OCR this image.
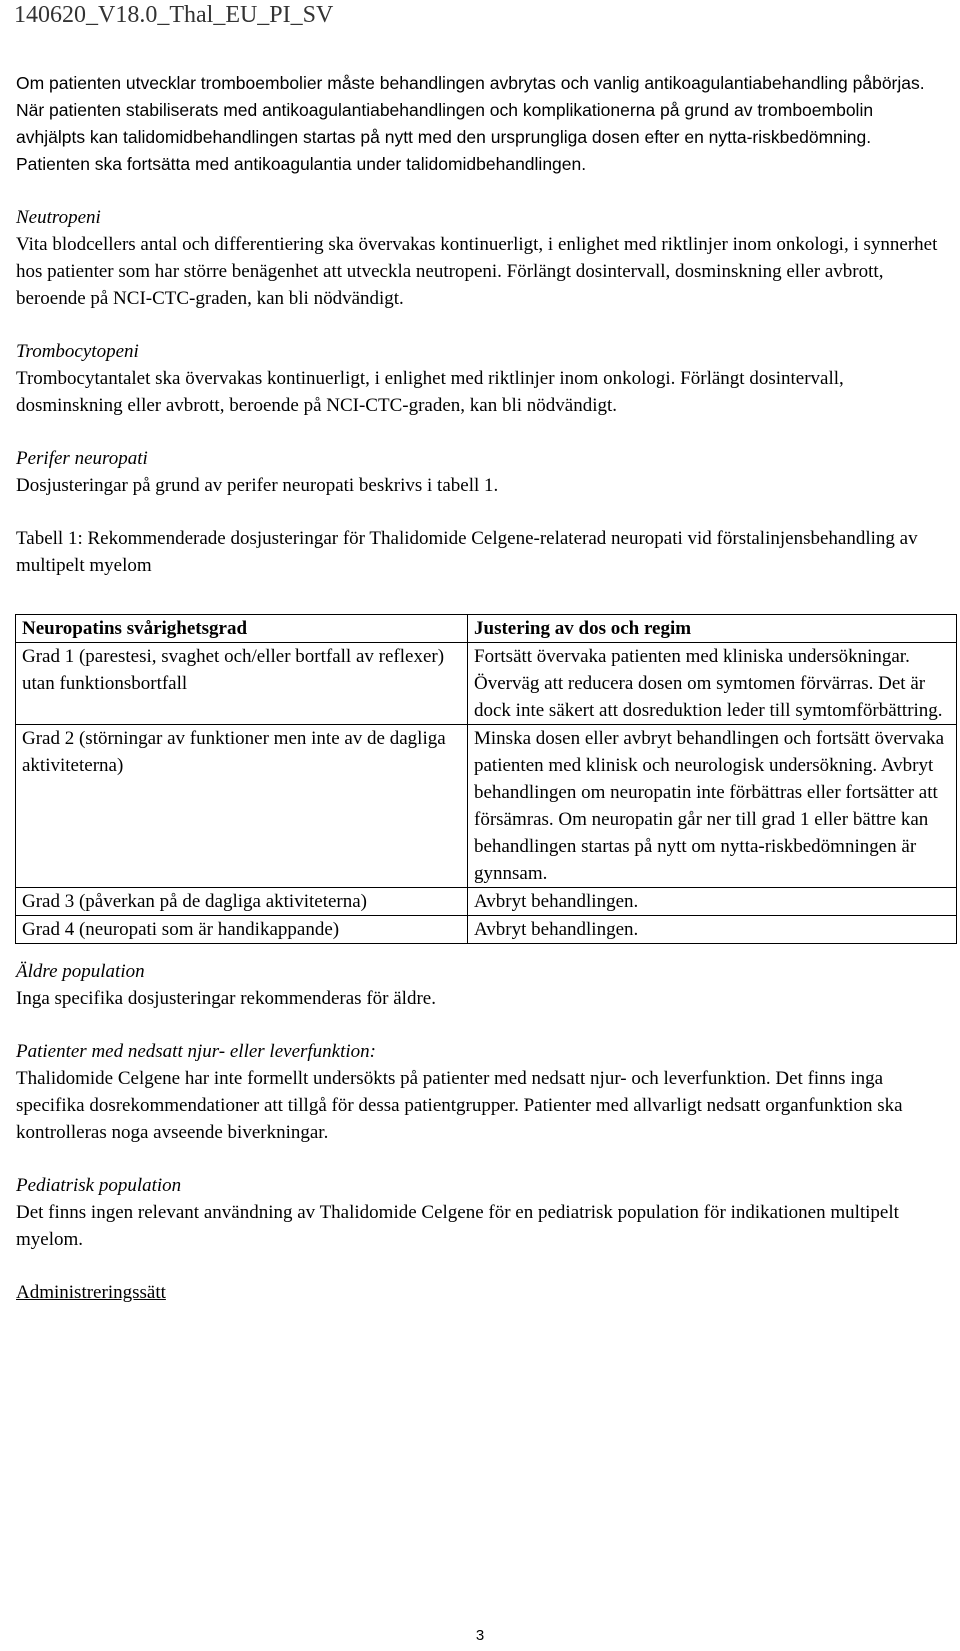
140620_V18.0_Thal_EU_PI_SV

Om patienten utvecklar tromboembolier måste behandlingen avbrytas och vanlig antikoagulantiabehandling påbörjas. När patienten stabiliserats med antikoagulantiabehandlingen och komplikationerna på grund av tromboembolin avhjälpts kan talidomidbehandlingen startas på nytt med den ursprungliga dosen efter en nytta-riskbedömning. Patienten ska fortsätta med antikoagulantia under talidomidbehandlingen.

Neutropeni

Vita blodcellers antal och differentiering ska övervakas kontinuerligt, i enlighet med riktlinjer inom onkologi, i synnerhet hos patienter som har större benägenhet att utveckla neutropeni. Förlängt dosintervall, dosminskning eller avbrott, beroende på NCI-CTC-graden, kan bli nödvändigt.

Trombocytopeni

Trombocytantalet ska övervakas kontinuerligt, i enlighet med riktlinjer inom onkologi. Förlängt dosintervall, dosminskning eller avbrott, beroende på NCI-CTC-graden, kan bli nödvändigt.

Perifer neuropati

Dosjusteringar på grund av perifer neuropati beskrivs i tabell 1.

Tabell 1: Rekommenderade dosjusteringar för Thalidomide Celgene-relaterad neuropati vid förstalinjensbehandling av multipelt myelom

Neuropatins svårighetsgrad	Justering av dos och regim
Grad 1 (parestesi, svaghet och/eller bortfall av reflexer) utan funktionsbortfall	Fortsätt övervaka patienten med kliniska undersökningar. Överväg att reducera dosen om symtomen förvärras. Det är dock inte säkert att dosreduktion leder till symtomförbättring.
Grad 2 (störningar av funktioner men inte av de dagliga aktiviteterna)	Minska dosen eller avbryt behandlingen och fortsätt övervaka patienten med klinisk och neurologisk undersökning. Avbryt behandlingen om neuropatin inte förbättras eller fortsätter att försämras. Om neuropatin går ner till grad 1 eller bättre kan behandlingen startas på nytt om nytta-riskbedömningen är gynnsam.
Grad 3 (påverkan på de dagliga aktiviteterna)	Avbryt behandlingen.
Grad 4 (neuropati som är handikappande)	Avbryt behandlingen.

Äldre population

Inga specifika dosjusteringar rekommenderas för äldre.

Patienter med nedsatt njur- eller leverfunktion:

Thalidomide Celgene har inte formellt undersökts på patienter med nedsatt njur- och leverfunktion. Det finns inga specifika dosrekommendationer att tillgå för dessa patientgrupper. Patienter med allvarligt nedsatt organfunktion ska kontrolleras noga avseende biverkningar.

Pediatrisk population

Det finns ingen relevant användning av Thalidomide Celgene för en pediatrisk population för indikationen multipelt myelom.

Administreringssätt

3
